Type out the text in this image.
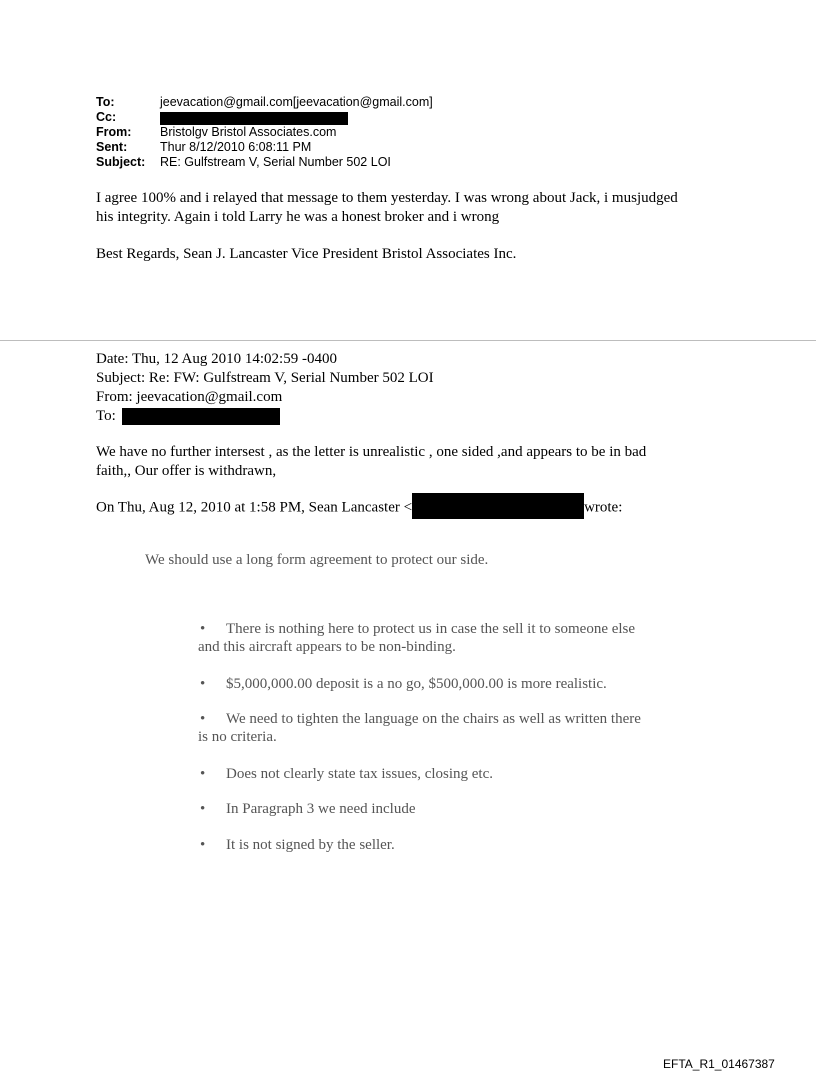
To:	jeevacation@gmail.com[jeevacation@gmail.com]
Cc:
From:	Bristolgv Bristol Associates.com
Sent:	Thur 8/12/2010 6:08:11 PM
Subject:	RE: Gulfstream V, Serial Number 502 LOI
I agree 100% and i relayed that message to them yesterday. I was wrong about Jack, i musjudged
his integrity. Again i told Larry he was a honest broker and i wrong
Best Regards, Sean J. Lancaster Vice President Bristol Associates Inc.
Date: Thu, 12 Aug 2010 14:02:59 -0400
Subject: Re: FW: Gulfstream V, Serial Number 502 LOI
From: jeevacation@gmail.com
To:
We have no further intersest , as the letter is unrealistic , one sided ,and appears to be in bad
faith,, Our offer is withdrawn,
On Thu, Aug 12, 2010 at 1:58 PM, Sean Lancaster <	wrote:
We should use a long form agreement to protect our side.
• There is nothing here to protect us in case the sell it to someone else
and this aircraft appears to be non-binding.
• $5,000,000.00 deposit is a no go, $500,000.00 is more realistic.
• We need to tighten the language on the chairs as well as written there
is no criteria.
• Does not clearly state tax issues, closing etc.
• In Paragraph 3 we need include
• It is not signed by the seller.
EFTA_R1_01467387
